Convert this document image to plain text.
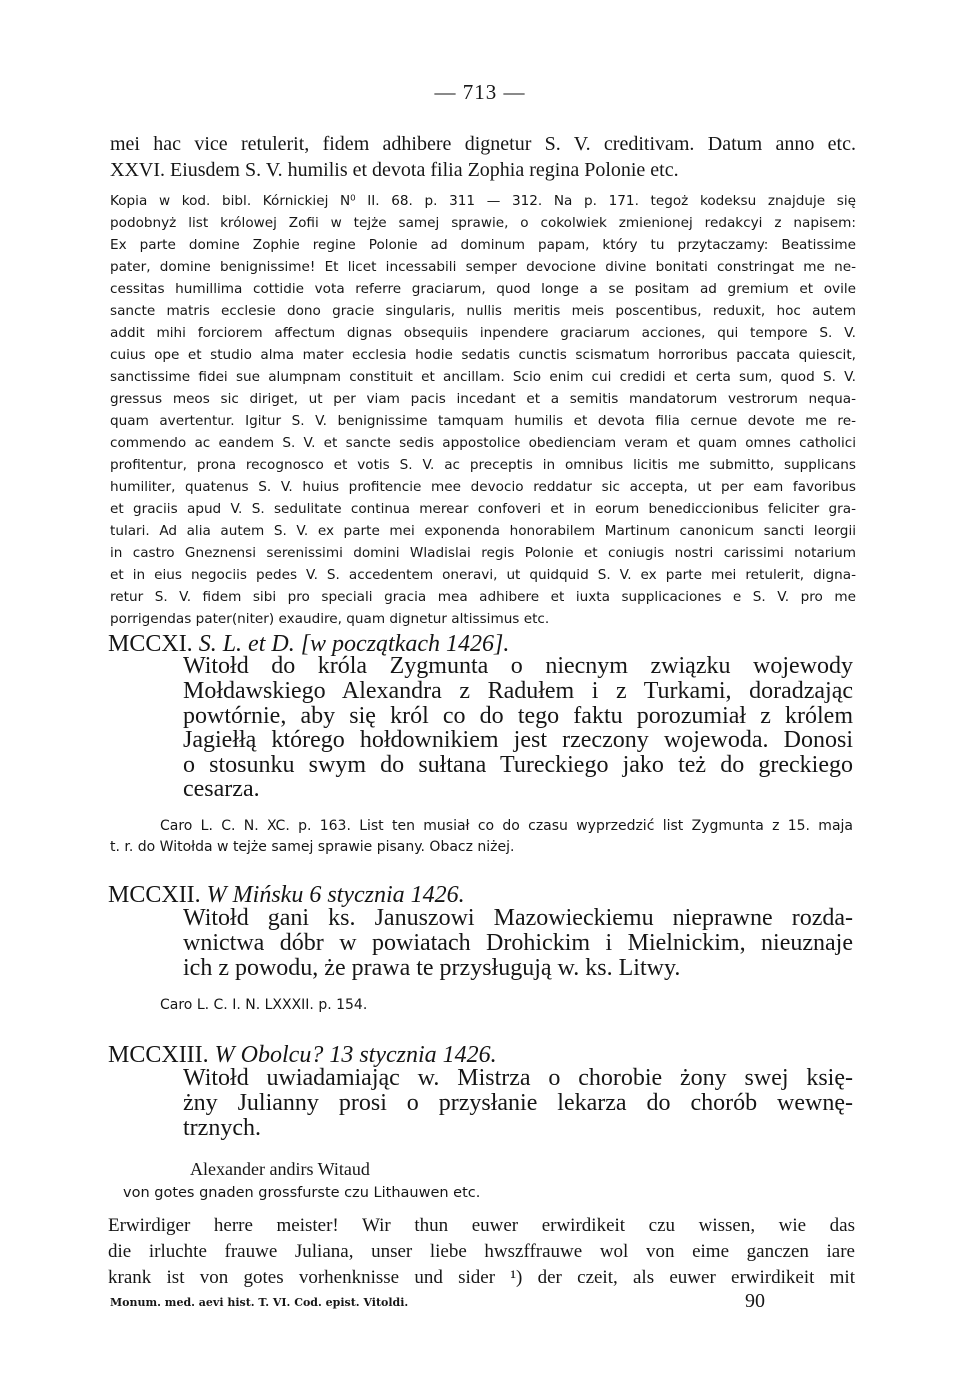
— 713 —
mei hac vice retulerit, fidem adhibere dignetur S. V. creditivam. Datum anno etc.
XXVI. Eiusdem S. V. humilis et devota filia Zophia regina Polonie etc.
Kopia w kod. bibl. Kórnickiej N⁰ II. 68. p. 311 — 312. Na p. 171. tegoż kodeksu znajduje się
podobnyż list królowej Zofii w tejże samej sprawie, o cokolwiek zmienionej redakcyi z napisem:
Ex parte domine Zophie regine Polonie ad dominum papam, który tu przytaczamy: Beatissime
pater, domine benignissime! Et licet incessabili semper devocione divine bonitati constringat me ne-
cessitas humillima cottidie vota referre graciarum, quod longe a se positam ad gremium et ovile
sancte matris ecclesie dono gracie singularis, nullis meritis meis poscentibus, reduxit, hoc autem
addit mihi forciorem affectum dignas obsequiis inpendere graciarum acciones, qui tempore S. V.
cuius ope et studio alma mater ecclesia hodie sedatis cunctis scismatum horroribus paccata quiescit,
sanctissime fidei sue alumpnam constituit et ancillam. Scio enim cui credidi et certa sum, quod S. V.
gressus meos sic diriget, ut per viam pacis incedant et a semitis mandatorum vestrorum nequa-
quam avertentur. Igitur S. V. benignissime tamquam humilis et devota filia cernue devote me re-
commendo ac eandem S. V. et sancte sedis appostolice obedienciam veram et quam omnes catholici
profitentur, prona recognosco et votis S. V. ac preceptis in omnibus licitis me submitto, supplicans
humiliter, quatenus S. V. huius profitencie mee devocio reddatur sic accepta, ut per eam favoribus
et graciis apud V. S. sedulitate continua merear confoveri et in eorum benediccionibus feliciter gra-
tulari. Ad alia autem S. V. ex parte mei exponenda honorabilem Martinum canonicum sancti Ieorgii
in castro Gneznensi serenissimi domini Wladislai regis Polonie et coniugis nostri carissimi notarium
et in eius negociis pedes V. S. accedentem oneravi, ut quidquid S. V. ex parte mei retulerit, digna-
retur S. V. fidem sibi pro speciali gracia mea adhibere et iuxta supplicaciones e S. V. pro me
porrigendas pater(niter) exaudire, quam dignetur altissimus etc.
MCCXI. S. L. et D. [w początkach 1426].
Witołd do króla Zygmunta o niecnym związku wojewody
Mołdawskiego Alexandra z Radułem i z Turkami, doradzając
powtórnie, aby się król co do tego faktu porozumiał z królem
Jagiełłą którego hołdownikiem jest rzeczony wojewoda. Donosi
o stosunku swym do sułtana Tureckiego jako też do greckiego
cesarza.
Caro L. C. N. XC. p. 163. List ten musiał co do czasu wyprzedzić list Zygmunta z 15. maja
t. r. do Witołda w tejże samej sprawie pisany. Obacz niżej.
MCCXII. W Mińsku 6 stycznia 1426.
Witołd gani ks. Januszowi Mazowieckiemu nieprawne rozda-
wnictwa dóbr w powiatach Drohickim i Mielnickim, nieuznaje
ich z powodu, że prawa te przysługują w. ks. Litwy.
Caro L. C. I. N. LXXXII. p. 154.
MCCXIII. W Obolcu? 13 stycznia 1426.
Witołd uwiadamiając w. Mistrza o chorobie żony swej księ-
żny Julianny prosi o przysłanie lekarza do chorób wewnę-
trznych.
Alexander andirs Witaud
von gotes gnaden grossfurste czu Lithauwen etc.
Erwirdiger herre meister! Wir thun euwer erwirdikeit czu wissen, wie das
die irluchte frauwe Juliana, unser liebe hwszffrauwe wol von eime ganczen iare
krank ist von gotes vorhenknisse und sider ¹) der czeit, als euwer erwirdikeit mit
Monum. med. aevi hist. T. VI. Cod. epist. Vitoldi.	90
